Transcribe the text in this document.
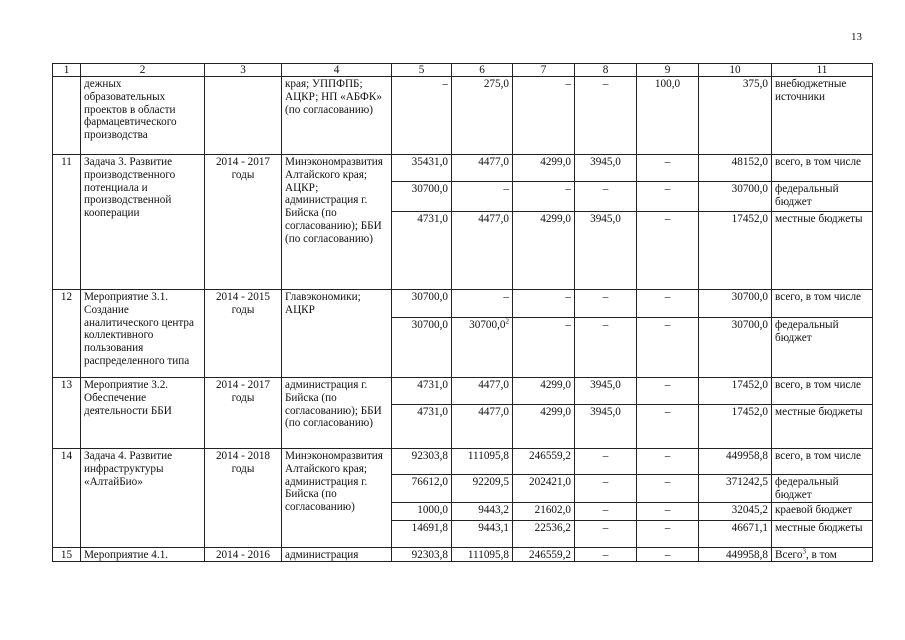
13
1	2	3	4	5	6	7	8	9	10	11
	дежных образовательных проектов в области фармацевтического производства		края; УППФПБ; АЦКР; НП «АБФК» (по согласованию)	–	275,0	–	–	100,0	375,0	внебюджетные источники
11	Задача 3. Развитие производственного потенциала и производственной кооперации	2014 - 2017 годы	Минэкономразвития Алтайского края; АЦКР; администрация г. Бийска (по согласованию); ББИ (по согласованию)	35431,0	4477,0	4299,0	3945,0	–	48152,0	всего, в том числе
				30700,0	–	–	–	–	30700,0	федеральный бюджет
				4731,0	4477,0	4299,0	3945,0	–	17452,0	местные бюджеты
12	Мероприятие 3.1. Создание аналитического центра коллективного пользования распределенного типа	2014 - 2015 годы	Главэкономики; АЦКР	30700,0	–	–	–	–	30700,0	всего, в том числе
				30700,0	30700,0$^2$	–	–	–	30700,0	федеральный бюджет
13	Мероприятие 3.2. Обеспечение деятельности ББИ	2014 - 2017 годы	администрация г. Бийска (по согласованию); ББИ (по согласованию)	4731,0	4477,0	4299,0	3945,0	–	17452,0	всего, в том числе
				4731,0	4477,0	4299,0	3945,0	–	17452,0	местные бюджеты
14	Задача 4. Развитие инфраструктуры «АлтайБио»	2014 - 2018 годы	Минэкономразвития Алтайского края; администрация г. Бийска (по согласованию)	92303,8	111095,8	246559,2	–	–	449958,8	всего, в том числе
				76612,0	92209,5	202421,0	–	–	371242,5	федеральный бюджет
				1000,0	9443,2	21602,0	–	–	32045,2	краевой бюджет
				14691,8	9443,1	22536,2	–	–	46671,1	местные бюджеты
15	Мероприятие 4.1.	2014 - 2016	администрация	92303,8	111095,8	246559,2	–	–	449958,8	Всего$^3$, в том
